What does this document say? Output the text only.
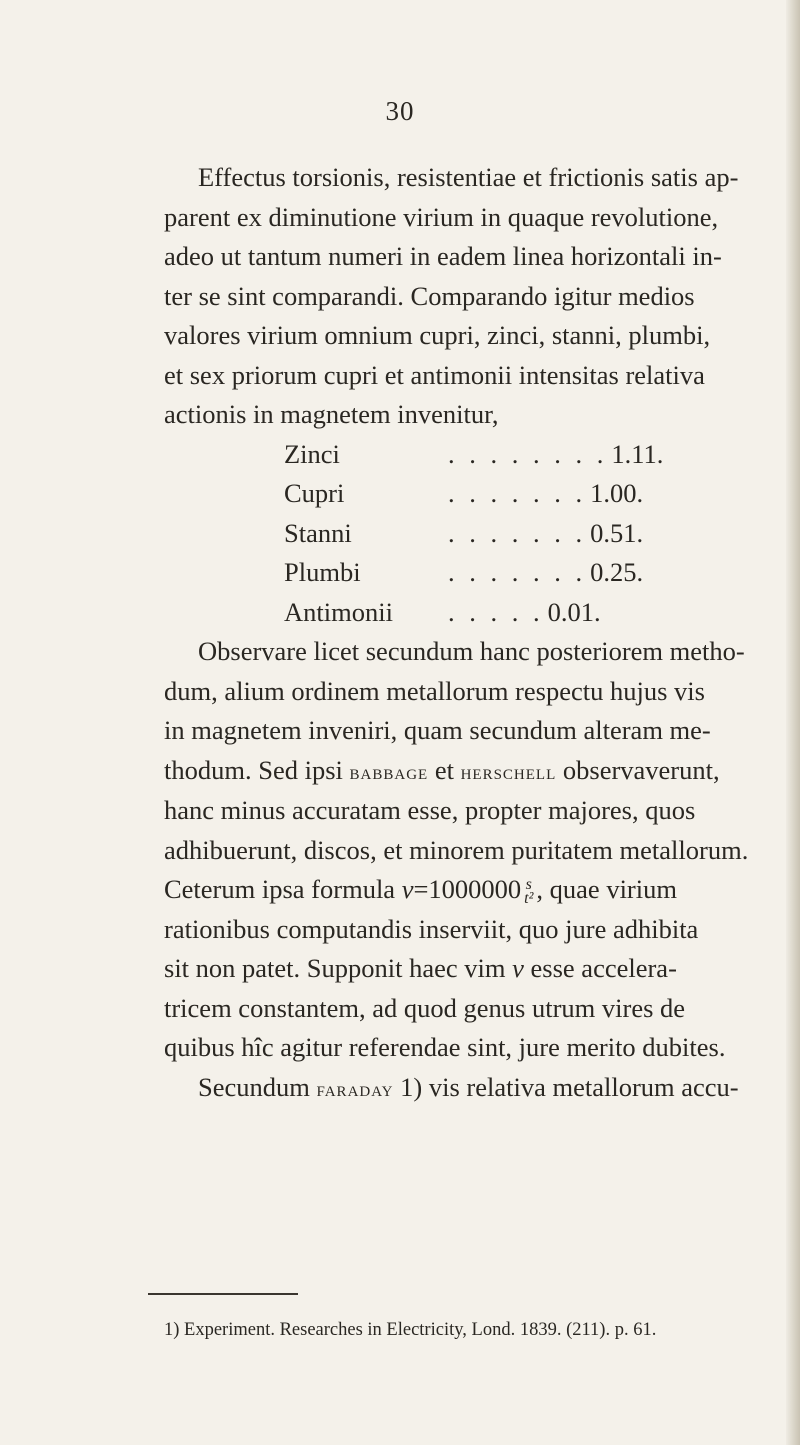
30
Effectus torsionis, resistentiae et frictionis satis ap-
parent ex diminutione virium in quaque revolutione,
adeo ut tantum numeri in eadem linea horizontali in-
ter se sint comparandi. Comparando igitur medios
valores virium omnium cupri, zinci, stanni, plumbi,
et sex priorum cupri et antimonii intensitas relativa
actionis in magnetem invenitur,
Zinci	. . . . . . . . 1.11.
Cupri	. . . . . . . 1.00.
Stanni	. . . . . . . 0.51.
Plumbi	. . . . . . . 0.25.
Antimonii	. . . . . 0.01.
Observare licet secundum hanc posteriorem metho-
dum, alium ordinem metallorum respectu hujus vis
in magnetem inveniri, quam secundum alteram me-
thodum. Sed ipsi babbage et herschell observaverunt,
hanc minus accuratam esse, propter majores, quos
adhibuerunt, discos, et minorem puritatem metallorum.
Ceterum ipsa formula v=1000000 s
t² , quae virium
rationibus computandis inserviit, quo jure adhibita
sit non patet. Supponit haec vim v esse accelera-
tricem constantem, ad quod genus utrum vires de
quibus hîc agitur referendae sint, jure merito dubites.
Secundum faraday 1) vis relativa metallorum accu-
1) Experiment. Researches in Electricity, Lond. 1839. (211). p. 61.
